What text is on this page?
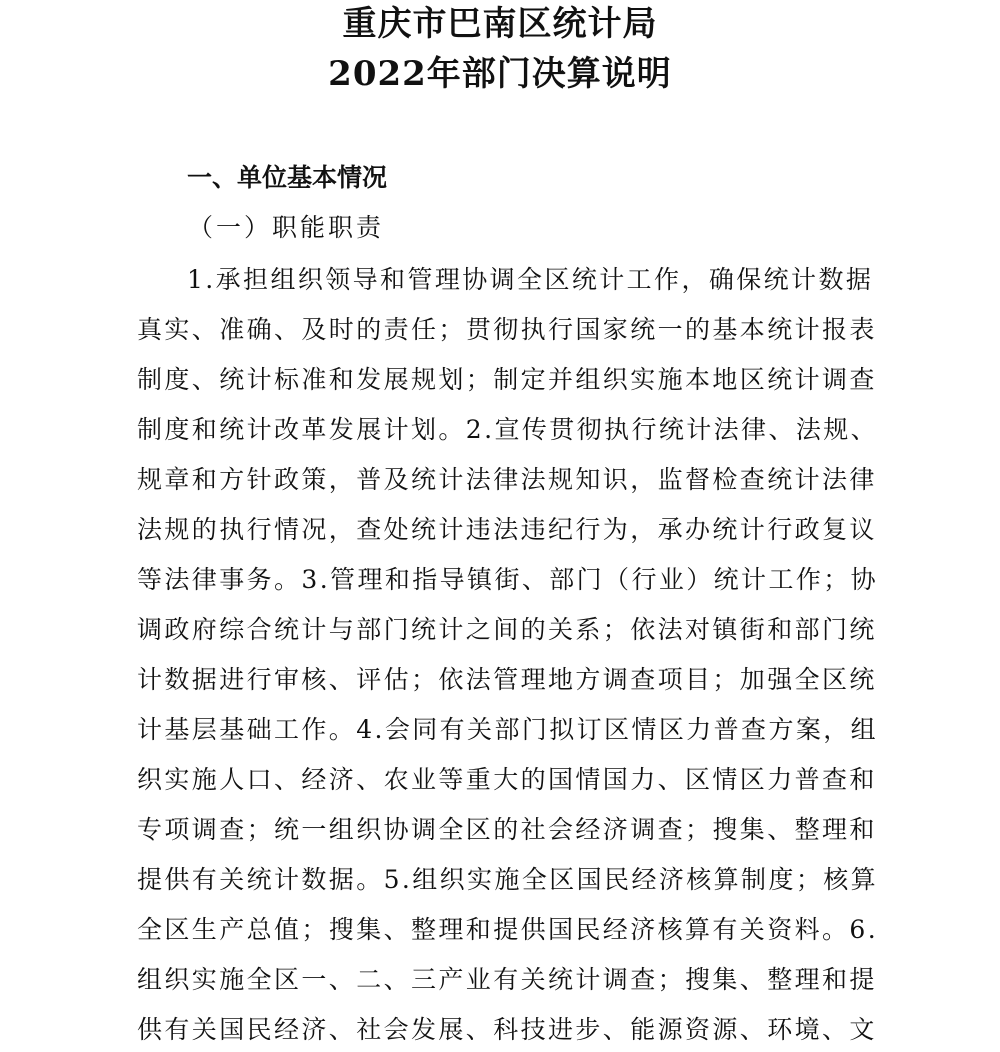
重庆市巴南区统计局
2022年部门决算说明
一、单位基本情况
（一）职能职责
1.承担组织领导和管理协调全区统计工作，确保统计数据
真实、准确、及时的责任；贯彻执行国家统一的基本统计报表
制度、统计标准和发展规划；制定并组织实施本地区统计调查
制度和统计改革发展计划。2.宣传贯彻执行统计法律、法规、
规章和方针政策，普及统计法律法规知识，监督检查统计法律
法规的执行情况，查处统计违法违纪行为，承办统计行政复议
等法律事务。3.管理和指导镇街、部门（行业）统计工作；协
调政府综合统计与部门统计之间的关系；依法对镇街和部门统
计数据进行审核、评估；依法管理地方调查项目；加强全区统
计基层基础工作。4.会同有关部门拟订区情区力普查方案，组
织实施人口、经济、农业等重大的国情国力、区情区力普查和
专项调查；统一组织协调全区的社会经济调查；搜集、整理和
提供有关统计数据。5.组织实施全区国民经济核算制度；核算
全区生产总值；搜集、整理和提供国民经济核算有关资料。6.
组织实施全区一、二、三产业有关统计调查；搜集、整理和提
供有关国民经济、社会发展、科技进步、能源资源、环境、文
